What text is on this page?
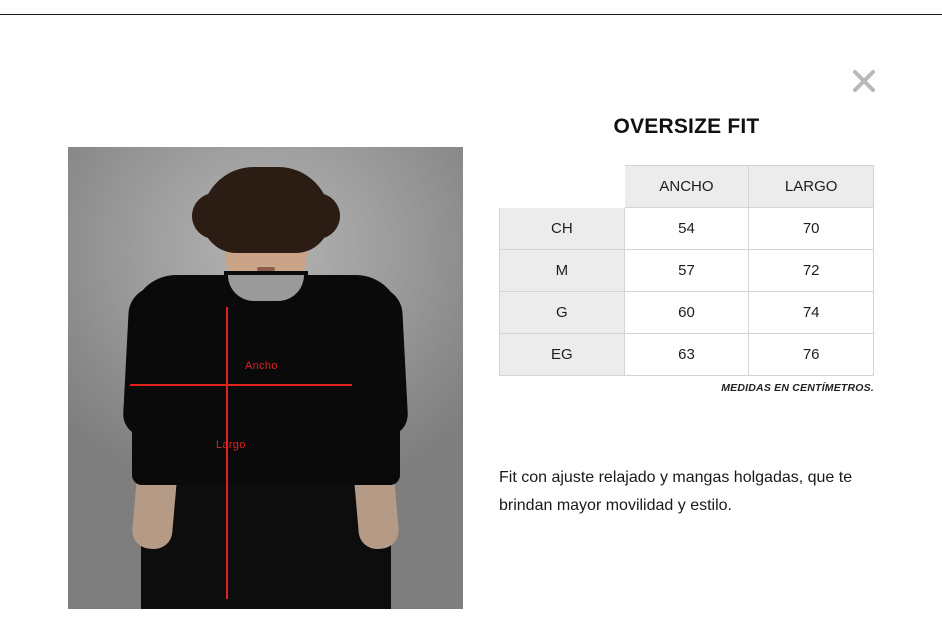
Ancho
Largo
OVERSIZE FIT
	ANCHO	LARGO
CH	54	70
M	57	72
G	60	74
EG	63	76
MEDIDAS EN CENTÍMETROS.
Fit con ajuste relajado y mangas holgadas, que te brindan mayor movilidad y estilo.
